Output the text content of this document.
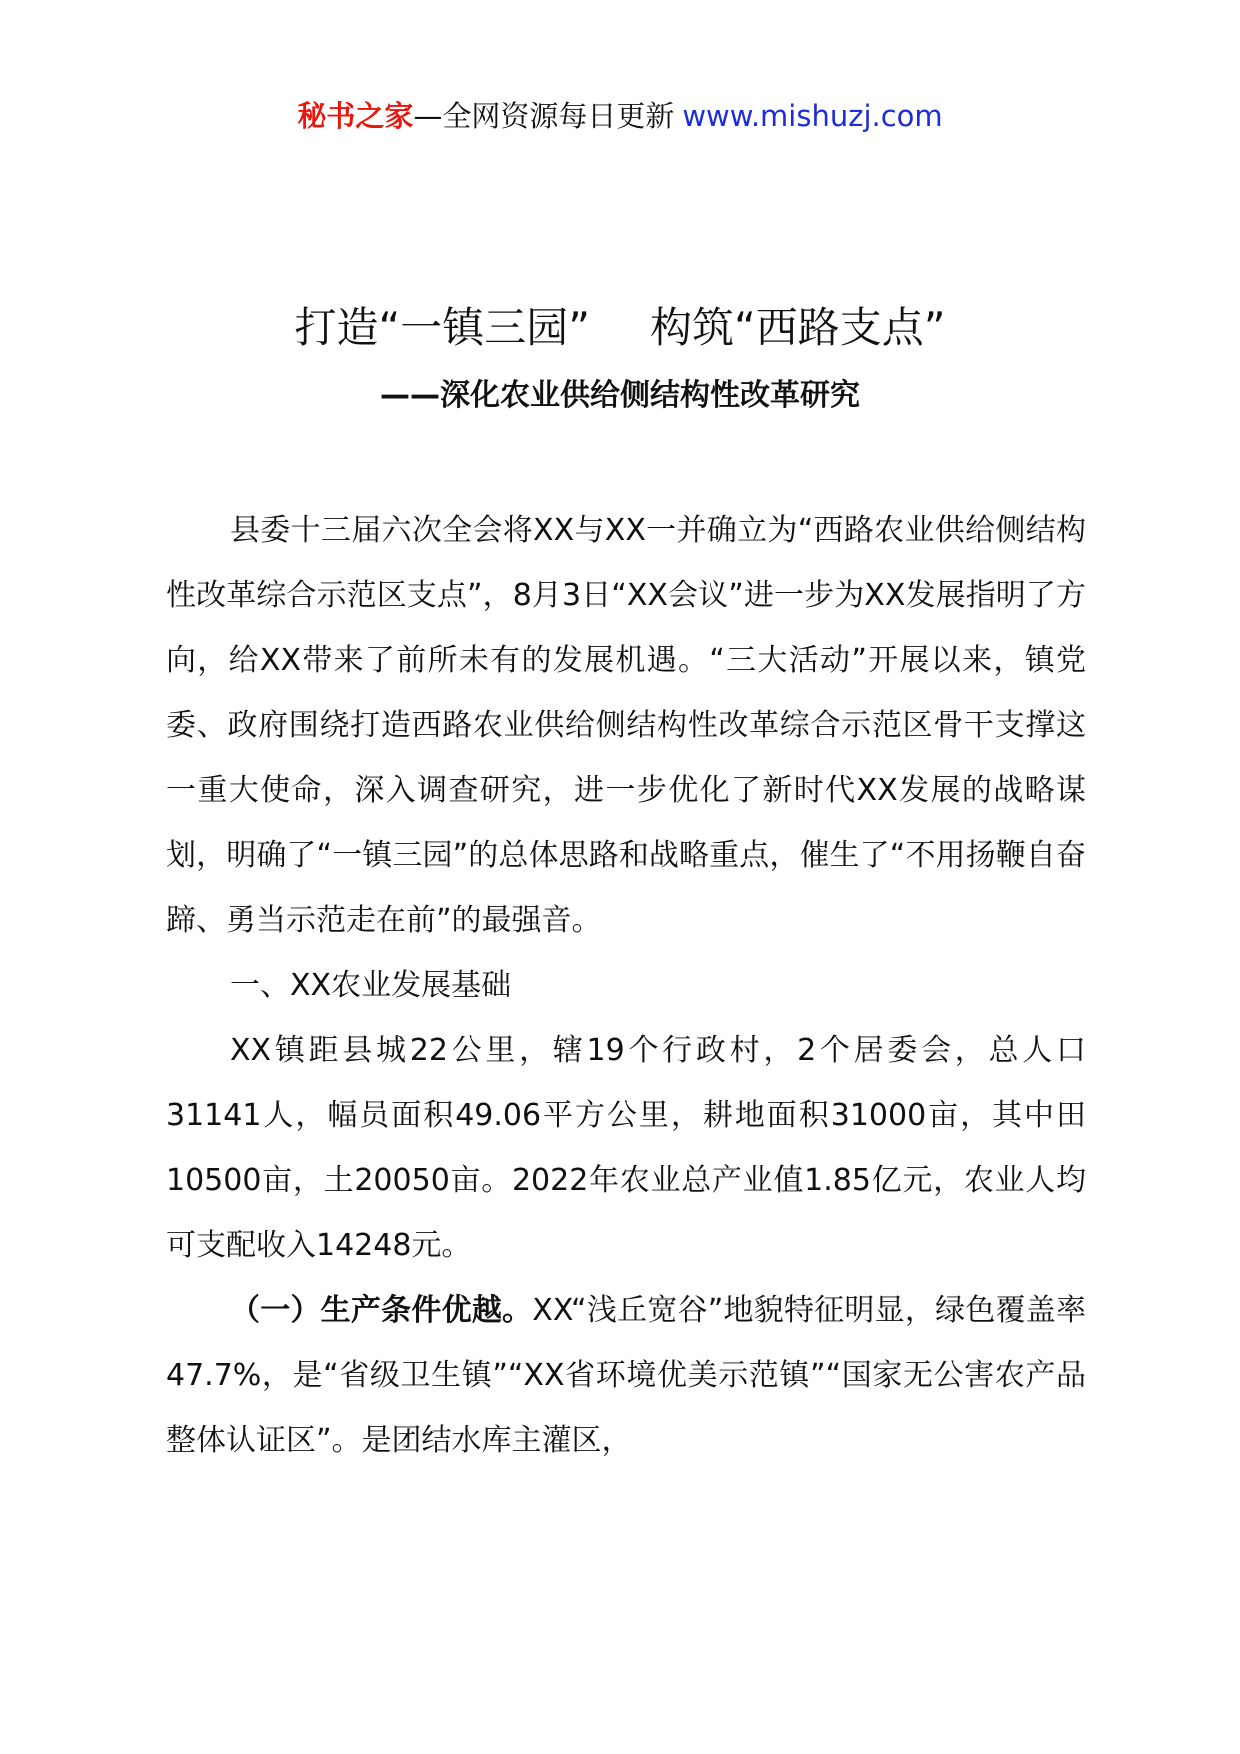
秘书之家—全网资源每日更新 www.mishuzj.com
打造“一镇三园” 构筑“西路支点”
——深化农业供给侧结构性改革研究

县委十三届六次全会将XX与XX一并确立为“西路农业供给侧结构性改革综合示范区支点”，8月3日“XX会议”进一步为XX发展指明了方向，给XX带来了前所未有的发展机遇。“三大活动”开展以来，镇党委、政府围绕打造西路农业供给侧结构性改革综合示范区骨干支撑这一重大使命，深入调查研究，进一步优化了新时代XX发展的战略谋划，明确了“一镇三园”的总体思路和战略重点，催生了“不用扬鞭自奋蹄、勇当示范走在前”的最强音。

一、XX农业发展基础

XX镇距县城22公里，辖19个行政村，2个居委会，总人口31141人，幅员面积49.06平方公里，耕地面积31000亩，其中田10500亩，土20050亩。2022年农业总产业值1.85亿元，农业人均可支配收入14248元。

（一）生产条件优越。XX“浅丘宽谷”地貌特征明显，绿色覆盖率47.7%，是“省级卫生镇”“XX省环境优美示范镇”“国家无公害农产品整体认证区”。是团结水库主灌区，
